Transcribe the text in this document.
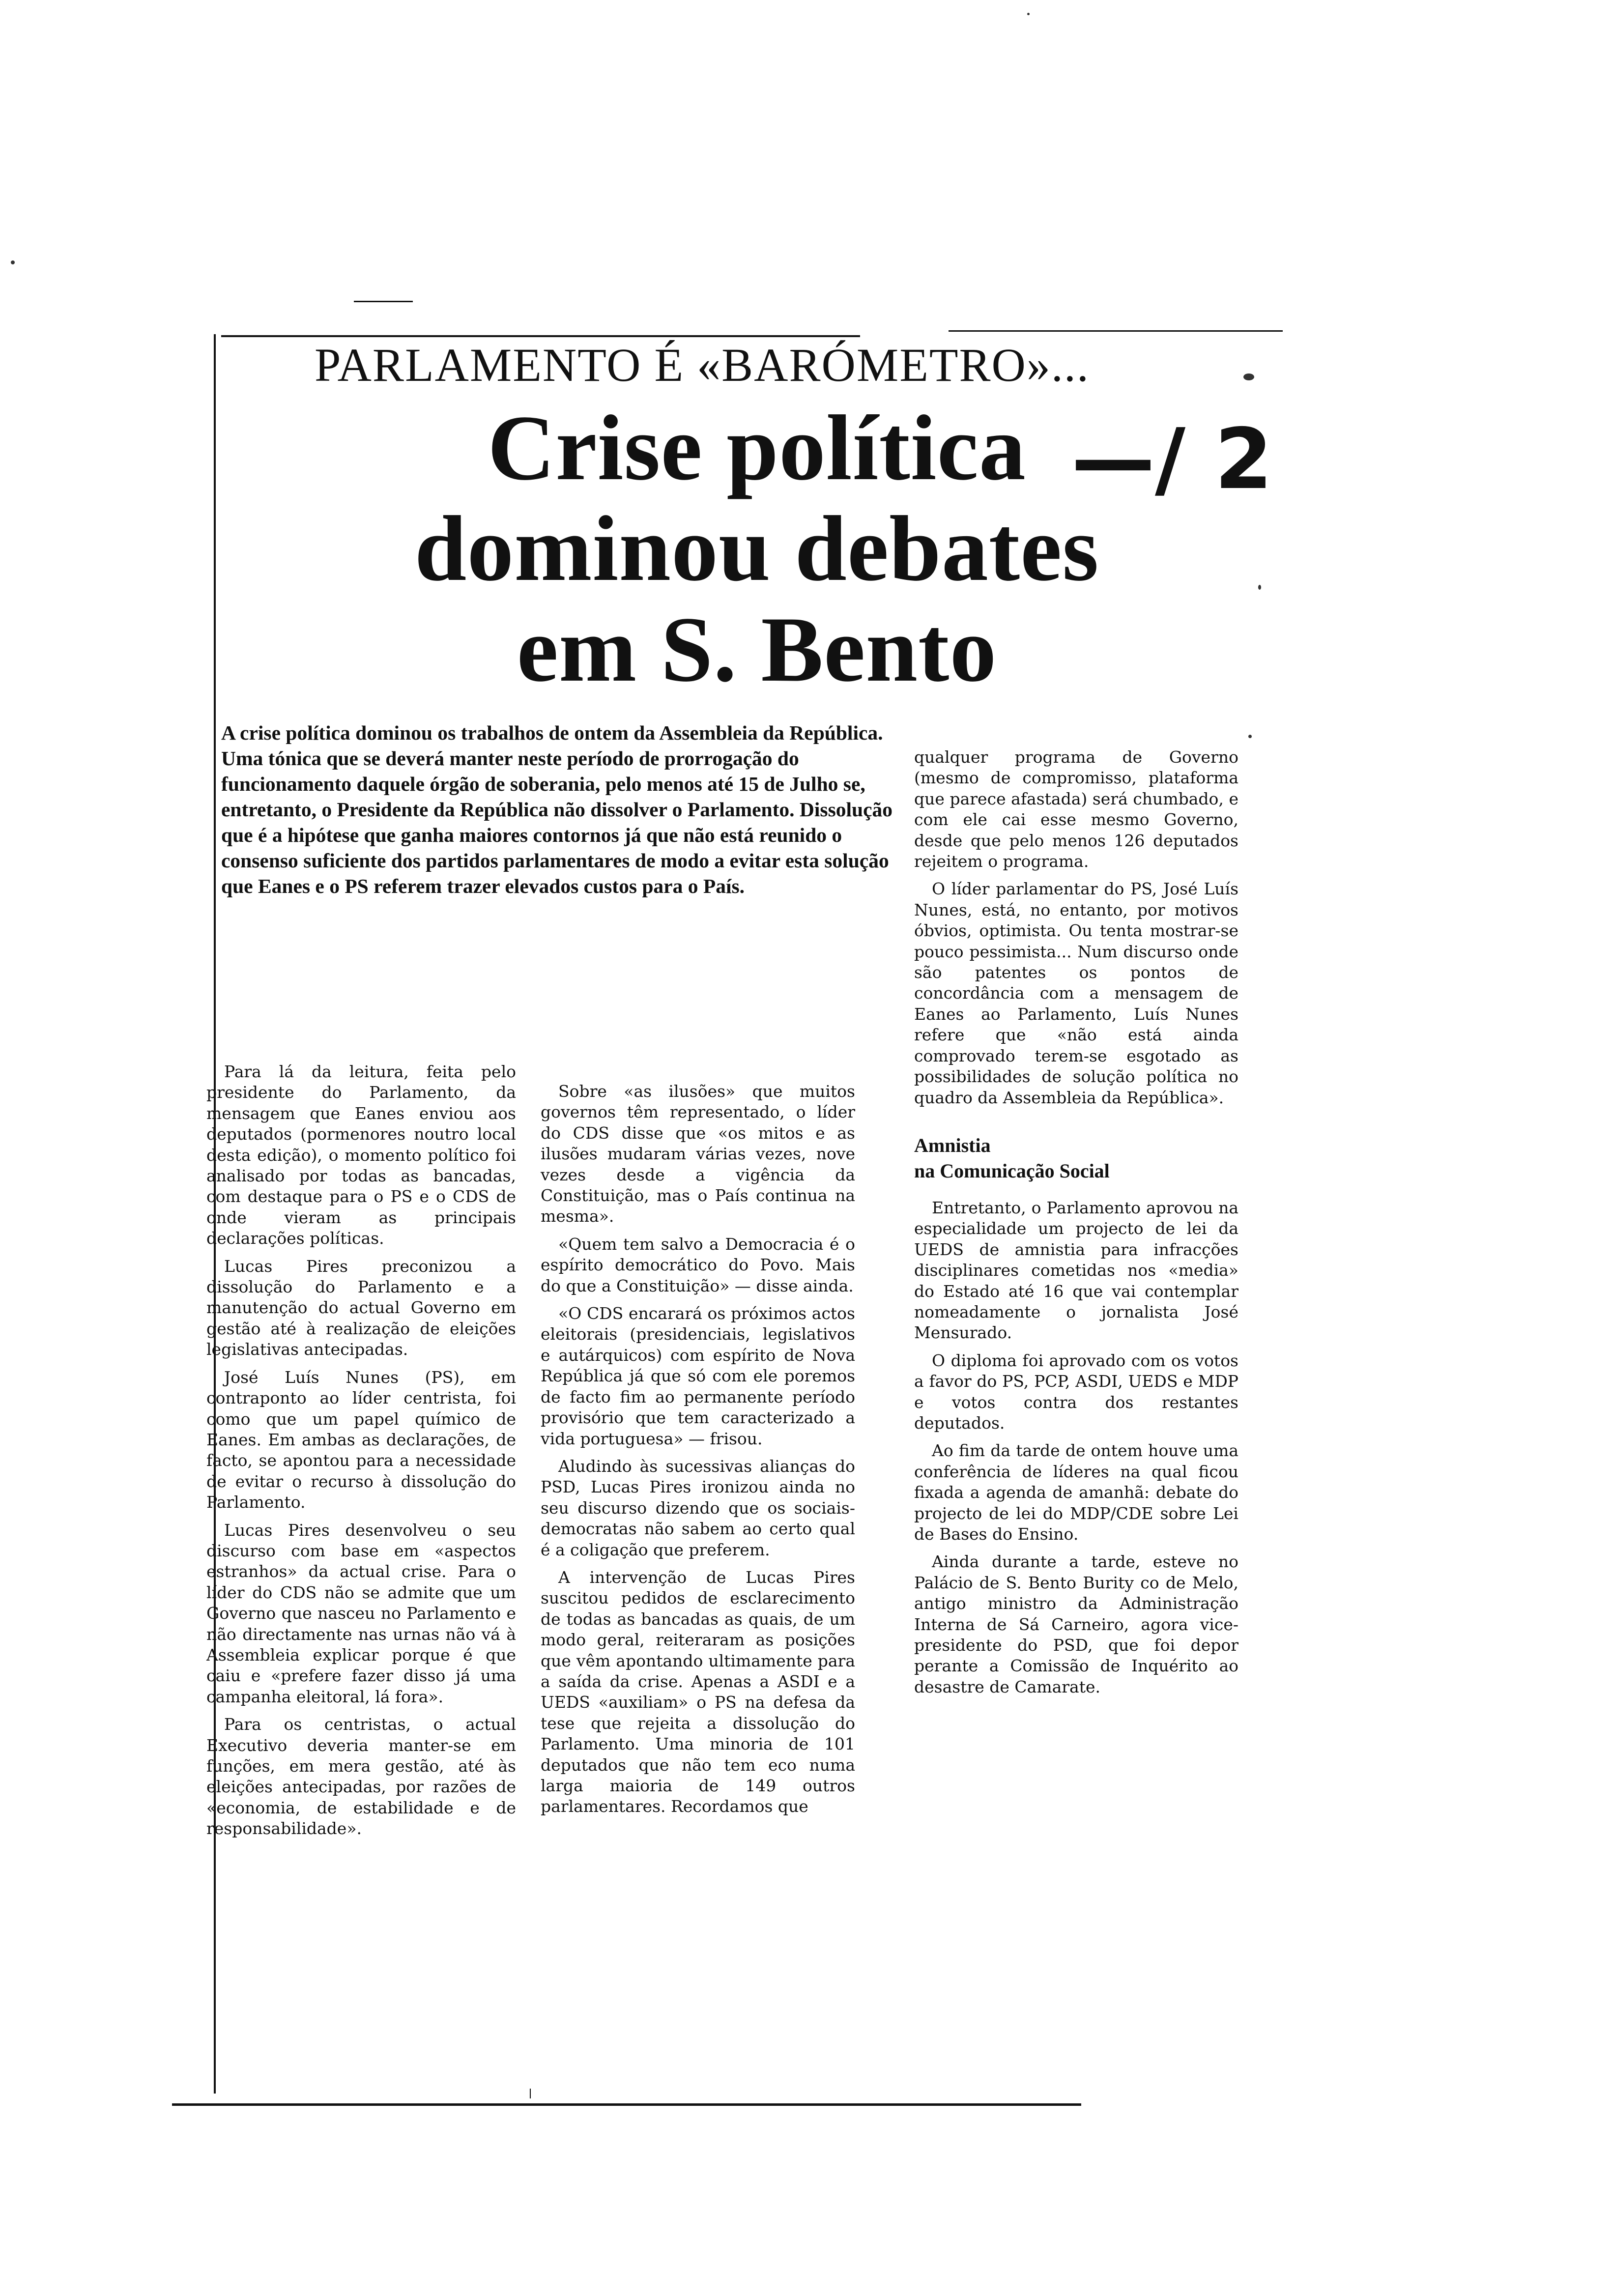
PARLAMENTO É «BARÓMETRO»...
Crise política
dominou debates
em S. Bento
—/ 2

A crise política dominou os trabalhos de ontem da Assembleia da República. Uma tónica que se deverá manter neste período de prorrogação do funcionamento daquele órgão de soberania, pelo menos até 15 de Julho se, entretanto, o Presidente da República não dissolver o Parlamento. Dissolução que é a hipótese que ganha maiores contornos já que não está reunido o consenso suficiente dos partidos parlamentares de modo a evitar esta solução que Eanes e o PS referem trazer elevados custos para o País.

Para lá da leitura, feita pelo presidente do Parlamento, da mensagem que Eanes enviou aos deputados (pormenores noutro local desta edição), o momento político foi analisado por todas as bancadas, com destaque para o PS e o CDS de onde vieram as principais declarações políticas.

Lucas Pires preconizou a dissolução do Parlamento e a manutenção do actual Governo em gestão até à realização de eleições legislativas antecipadas.

José Luís Nunes (PS), em contraponto ao líder centrista, foi como que um papel químico de Eanes. Em ambas as declarações, de facto, se apontou para a necessidade de evitar o recurso à dissolução do Parlamento.

Lucas Pires desenvolveu o seu discurso com base em «aspectos estranhos» da actual crise. Para o líder do CDS não se admite que um Governo que nasceu no Parlamento e não directamente nas urnas não vá à Assembleia explicar porque é que caiu e «prefere fazer disso já uma campanha eleitoral, lá fora».

Para os centristas, o actual Executivo deveria manter-se em funções, em mera gestão, até às eleições antecipadas, por razões de «economia, de estabilidade e de responsabilidade».

Sobre «as ilusões» que muitos governos têm representado, o líder do CDS disse que «os mitos e as ilusões mudaram várias vezes, nove vezes desde a vigência da Constituição, mas o País continua na mesma».

«Quem tem salvo a Democracia é o espírito democrático do Povo. Mais do que a Constituição» — disse ainda.

«O CDS encarará os próximos actos eleitorais (presidenciais, legislativos e autárquicos) com espírito de Nova República já que só com ele poremos de facto fim ao permanente período provisório que tem caracterizado a vida portuguesa» — frisou.

Aludindo às sucessivas alianças do PSD, Lucas Pires ironizou ainda no seu discurso dizendo que os sociais-democratas não sabem ao certo qual é a coligação que preferem.

A intervenção de Lucas Pires suscitou pedidos de esclarecimento de todas as bancadas as quais, de um modo geral, reiteraram as posições que vêm apontando ultimamente para a saída da crise. Apenas a ASDI e a UEDS «auxiliam» o PS na defesa da tese que rejeita a dissolução do Parlamento. Uma minoria de 101 deputados que não tem eco numa larga maioria de 149 outros parlamentares. Recordamos que

qualquer programa de Governo (mesmo de compromisso, plataforma que parece afastada) será chumbado, e com ele cai esse mesmo Governo, desde que pelo menos 126 deputados rejeitem o programa.

O líder parlamentar do PS, José Luís Nunes, está, no entanto, por motivos óbvios, optimista. Ou tenta mostrar-se pouco pessimista... Num discurso onde são patentes os pontos de concordância com a mensagem de Eanes ao Parlamento, Luís Nunes refere que «não está ainda comprovado terem-se esgotado as possibilidades de solução política no quadro da Assembleia da República».

Amnistia
na Comunicação Social

Entretanto, o Parlamento aprovou na especialidade um projecto de lei da UEDS de amnistia para infracções disciplinares cometidas nos «media» do Estado até 16 que vai contemplar nomeadamente o jornalista José Mensurado.

O diploma foi aprovado com os votos a favor do PS, PCP, ASDI, UEDS e MDP e votos contra dos restantes deputados.

Ao fim da tarde de ontem houve uma conferência de líderes na qual ficou fixada a agenda de amanhã: debate do projecto de lei do MDP/CDE sobre Lei de Bases do Ensino.

Ainda durante a tarde, esteve no Palácio de S. Bento Burity co de Melo, antigo ministro da Administração Interna de Sá Carneiro, agora vice-presidente do PSD, que foi depor perante a Comissão de Inquérito ao desastre de Camarate.
